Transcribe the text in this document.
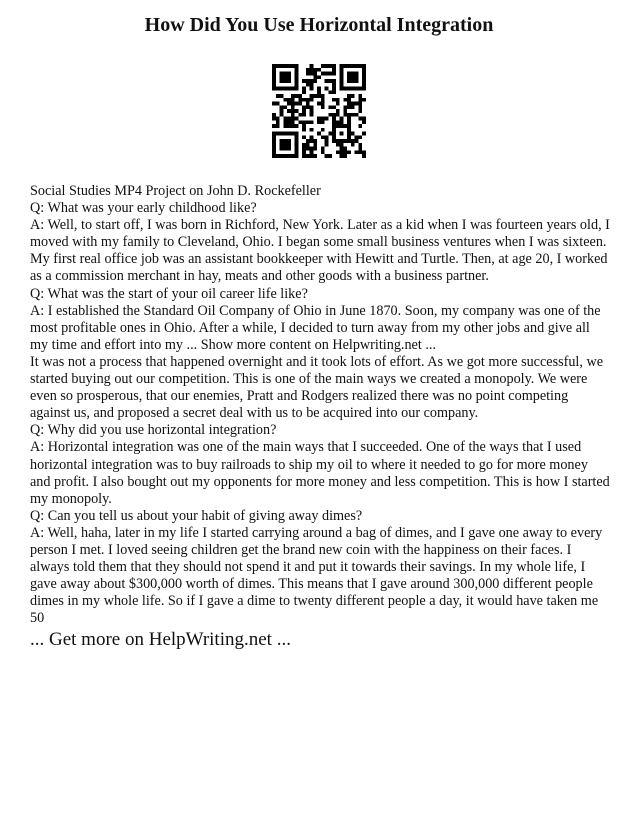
How Did You Use Horizontal Integration

Social Studies MP4 Project on John D. Rockefeller

Q: What was your early childhood like?

A: Well, to start off, I was born in Richford, New York. Later as a kid when I was fourteen years old, I moved with my family to Cleveland, Ohio. I began some small business ventures when I was sixteen. My first real office job was an assistant bookkeeper with Hewitt and Turtle. Then, at age 20, I worked as a commission merchant in hay, meats and other goods with a business partner.

Q: What was the start of your oil career life like?

A: I established the Standard Oil Company of Ohio in June 1870. Soon, my company was one of the most profitable ones in Ohio. After a while, I decided to turn away from my other jobs and give all my time and effort into my ... Show more content on Helpwriting.net ...

It was not a process that happened overnight and it took lots of effort. As we got more successful, we started buying out our competition. This is one of the main ways we created a monopoly. We were even so prosperous, that our enemies, Pratt and Rodgers realized there was no point competing against us, and proposed a secret deal with us to be acquired into our company.

Q: Why did you use horizontal integration?

A: Horizontal integration was one of the main ways that I succeeded. One of the ways that I used horizontal integration was to buy railroads to ship my oil to where it needed to go for more money and profit. I also bought out my opponents for more money and less competition. This is how I started my monopoly.

Q: Can you tell us about your habit of giving away dimes?

A: Well, haha, later in my life I started carrying around a bag of dimes, and I gave one away to every person I met. I loved seeing children get the brand new coin with the happiness on their faces. I always told them that they should not spend it and put it towards their savings. In my whole life, I gave away about $300,000 worth of dimes. This means that I gave around 300,000 different people dimes in my whole life. So if I gave a dime to twenty different people a day, it would have taken me 50

... Get more on HelpWriting.net ...
